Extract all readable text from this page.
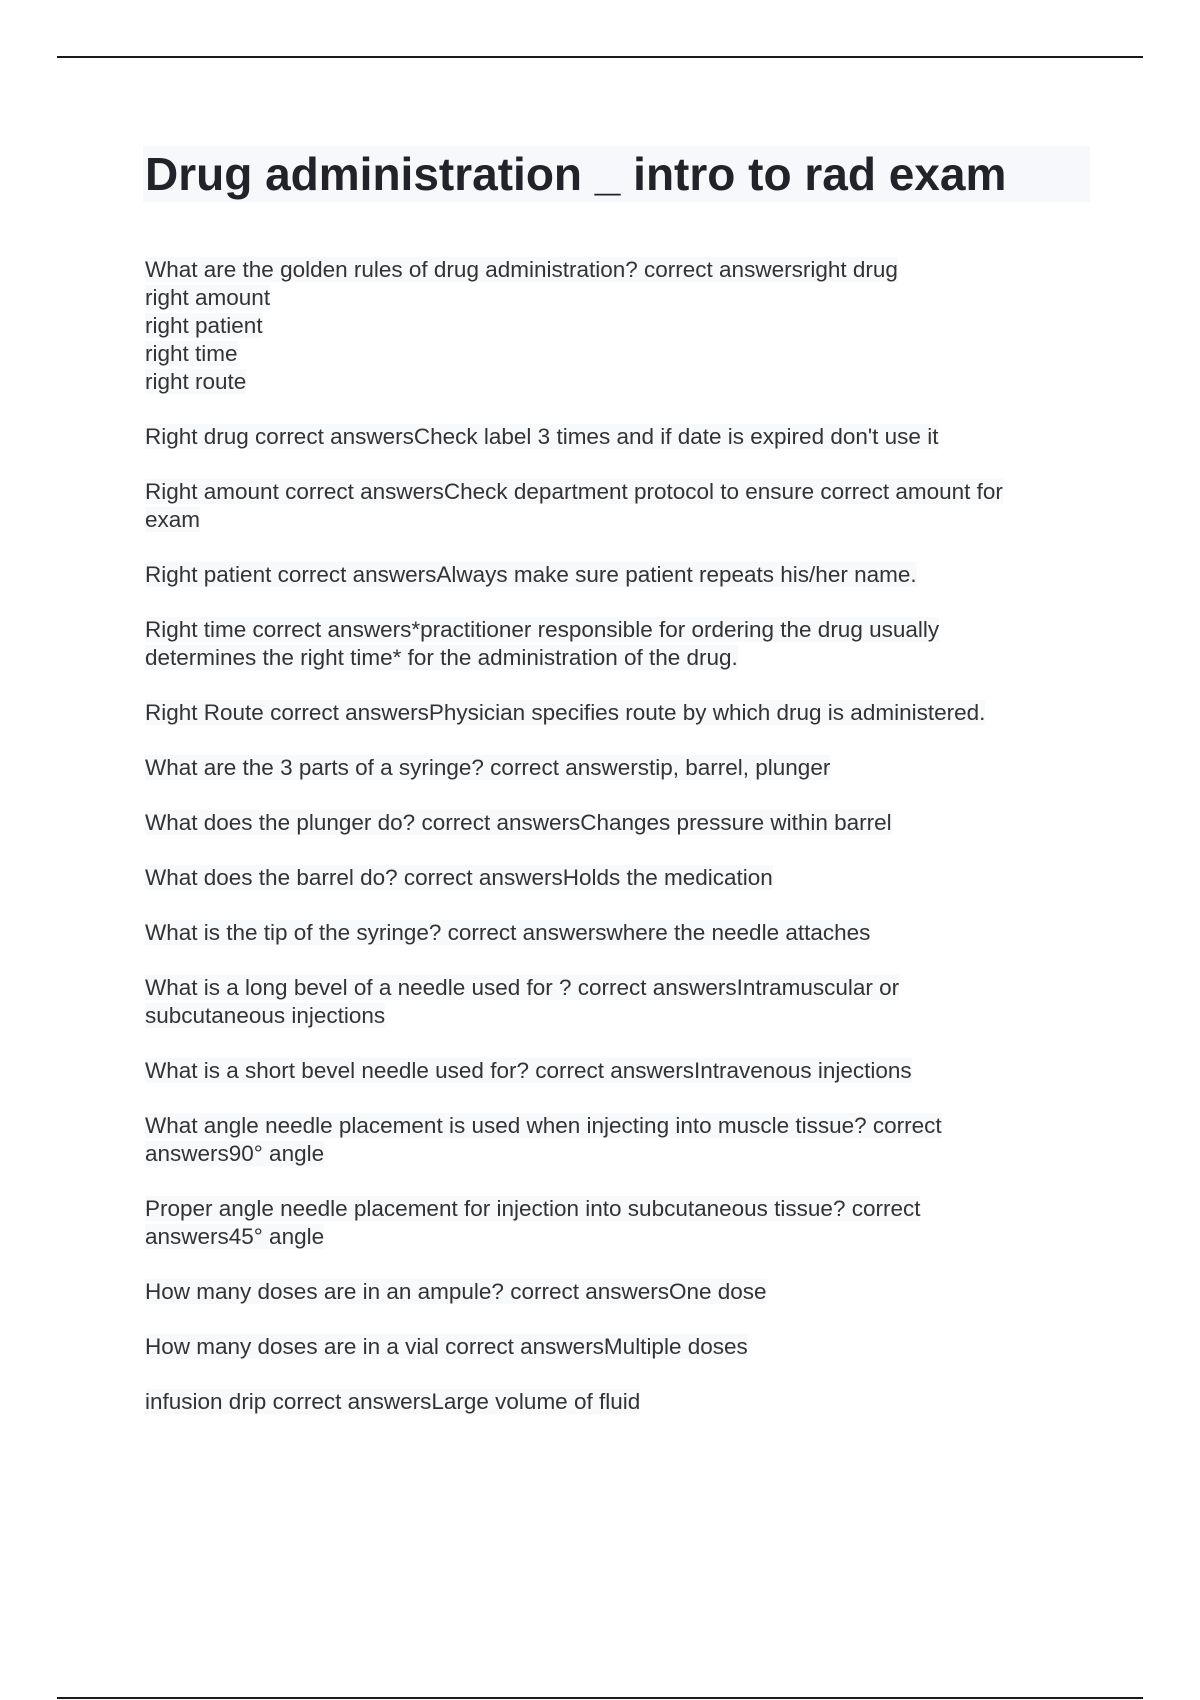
Drug administration _ intro to rad exam
What are the golden rules of drug administration? correct answersright drug
right amount
right patient
right time
right route
Right drug correct answersCheck label 3 times and if date is expired don't use it
Right amount correct answersCheck department protocol to ensure correct amount for
exam
Right patient correct answersAlways make sure patient repeats his/her name.
Right time correct answers*practitioner responsible for ordering the drug usually
determines the right time* for the administration of the drug.
Right Route correct answersPhysician specifies route by which drug is administered.
What are the 3 parts of a syringe? correct answerstip, barrel, plunger
What does the plunger do? correct answersChanges pressure within barrel
What does the barrel do? correct answersHolds the medication
What is the tip of the syringe? correct answerswhere the needle attaches
What is a long bevel of a needle used for ? correct answersIntramuscular or
subcutaneous injections
What is a short bevel needle used for? correct answersIntravenous injections
What angle needle placement is used when injecting into muscle tissue? correct
answers90° angle
Proper angle needle placement for injection into subcutaneous tissue? correct
answers45° angle
How many doses are in an ampule? correct answersOne dose
How many doses are in a vial correct answersMultiple doses
infusion drip correct answersLarge volume of fluid
